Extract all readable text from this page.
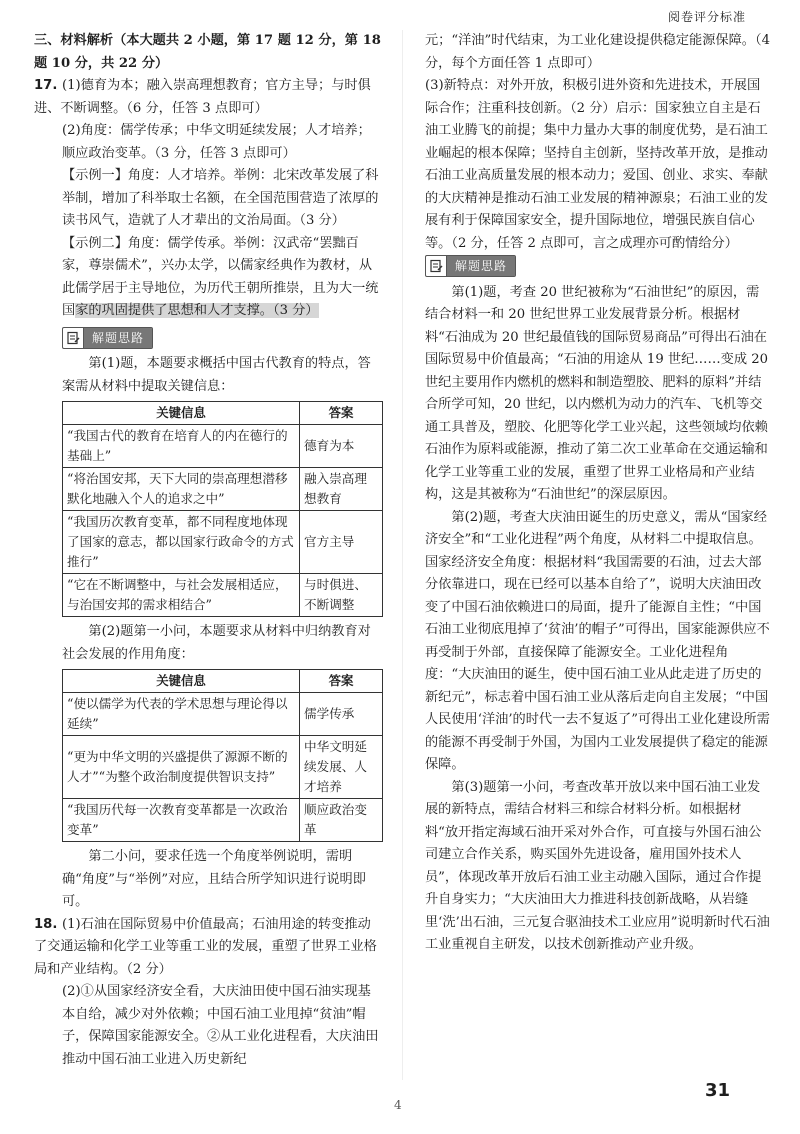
阅卷评分标准
三、材料解析（本大题共 2 小题，第 17 题 12 分，第 18 题 10 分，共 22 分）
17. (1)德育为本；融入崇高理想教育；官方主导；与时俱进、不断调整。（6 分，任答 3 点即可）
(2)角度：儒学传承；中华文明延续发展；人才培养；顺应政治变革。（3 分，任答 3 点即可）
【示例一】角度：人才培养。举例：北宋改革发展了科举制，增加了科举取士名额，在全国范围营造了浓厚的读书风气，造就了人才辈出的文治局面。（3 分）
【示例二】角度：儒学传承。举例：汉武帝“罢黜百家，尊崇儒术”，兴办太学，以儒家经典作为教材，从此儒学居于主导地位，为历代王朝所推崇，且为大一统国家的巩固提供了思想和人才支撑。（3 分）
解题思路
第(1)题，本题要求概括中国古代教育的特点，答案需从材料中提取关键信息：
关键信息	答案
“我国古代的教育在培育人的内在德行的基础上”	德育为本
“将治国安邦，天下大同的崇高理想潜移默化地融入个人的追求之中”	融入崇高理想教育
“我国历次教育变革，都不同程度地体现了国家的意志，都以国家行政命令的方式推行”	官方主导
“它在不断调整中，与社会发展相适应，与治国安邦的需求相结合”	与时俱进、不断调整
第(2)题第一小问，本题要求从材料中归纳教育对社会发展的作用角度：
关键信息	答案
“使以儒学为代表的学术思想与理论得以延续”	儒学传承
“更为中华文明的兴盛提供了源源不断的人才”“为整个政治制度提供智识支持”	中华文明延续发展、人才培养
“我国历代每一次教育变革都是一次政治变革”	顺应政治变革
第二小问，要求任选一个角度举例说明，需明确“角度”与“举例”对应，且结合所学知识进行说明即可。
18. (1)石油在国际贸易中价值最高；石油用途的转变推动了交通运输和化学工业等重工业的发展，重塑了世界工业格局和产业结构。（2 分）
(2)①从国家经济安全看，大庆油田使中国石油实现基本自给，减少对外依赖；中国石油工业甩掉“贫油”帽子，保障国家能源安全。②从工业化进程看，大庆油田推动中国石油工业进入历史新纪
元；“洋油”时代结束，为工业化建设提供稳定能源保障。（4 分，每个方面任答 1 点即可）
(3)新特点：对外开放，积极引进外资和先进技术，开展国际合作；注重科技创新。（2 分）启示：国家独立自主是石油工业腾飞的前提；集中力量办大事的制度优势，是石油工业崛起的根本保障；坚持自主创新，坚持改革开放，是推动石油工业高质量发展的根本动力；爱国、创业、求实、奉献的大庆精神是推动石油工业发展的精神源泉；石油工业的发展有利于保障国家安全，提升国际地位，增强民族自信心等。（2 分，任答 2 点即可，言之成理亦可酌情给分）
解题思路
第(1)题，考查 20 世纪被称为“石油世纪”的原因，需结合材料一和 20 世纪世界工业发展背景分析。根据材料“石油成为 20 世纪最值钱的国际贸易商品”可得出石油在国际贸易中价值最高；“石油的用途从 19 世纪……变成 20 世纪主要用作内燃机的燃料和制造塑胶、肥料的原料”并结合所学可知，20 世纪，以内燃机为动力的汽车、飞机等交通工具普及，塑胶、化肥等化学工业兴起，这些领域均依赖石油作为原料或能源，推动了第二次工业革命在交通运输和化学工业等重工业的发展，重塑了世界工业格局和产业结构，这是其被称为“石油世纪”的深层原因。
第(2)题，考查大庆油田诞生的历史意义，需从“国家经济安全”和“工业化进程”两个角度，从材料二中提取信息。国家经济安全角度：根据材料“我国需要的石油，过去大部分依靠进口，现在已经可以基本自给了”，说明大庆油田改变了中国石油依赖进口的局面，提升了能源自主性；“中国石油工业彻底甩掉了‘贫油’的帽子”可得出，国家能源供应不再受制于外部，直接保障了能源安全。工业化进程角度：“大庆油田的诞生，使中国石油工业从此走进了历史的新纪元”，标志着中国石油工业从落后走向自主发展；“中国人民使用‘洋油’的时代一去不复返了”可得出工业化建设所需的能源不再受制于外国，为国内工业发展提供了稳定的能源保障。
第(3)题第一小问，考查改革开放以来中国石油工业发展的新特点，需结合材料三和综合材料分析。如根据材料“放开指定海域石油开采对外合作，可直接与外国石油公司建立合作关系，购买国外先进设备，雇用国外技术人员”，体现改革开放后石油工业主动融入国际，通过合作提升自身实力；“大庆油田大力推进科技创新战略，从岩缝里‘洗’出石油，三元复合驱油技术工业应用”说明新时代石油工业重视自主研发，以技术创新推动产业升级。
31
4
